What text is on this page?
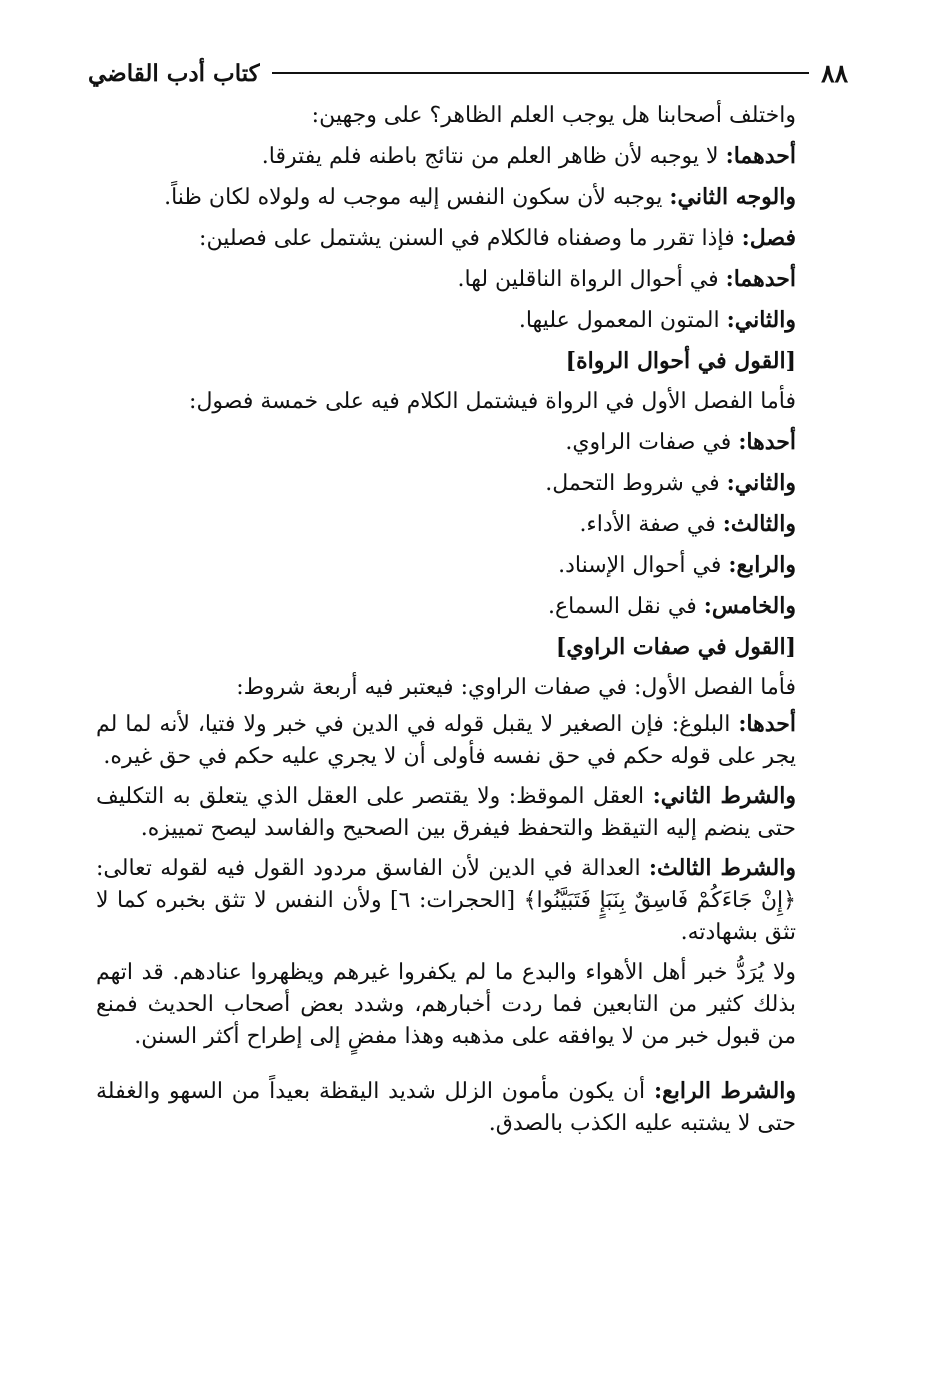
٨٨
كتاب أدب القاضي

واختلف أصحابنا هل يوجب العلم الظاهر؟ على وجهين:

أحدهما: لا يوجبه لأن ظاهر العلم من نتائج باطنه فلم يفترقا.

والوجه الثاني: يوجبه لأن سكون النفس إليه موجب له ولولاه لكان ظناً.

فصل: فإذا تقرر ما وصفناه فالكلام في السنن يشتمل على فصلين:

أحدهما: في أحوال الرواة الناقلين لها.

والثاني: المتون المعمول عليها.

[القول في أحوال الرواة]

فأما الفصل الأول في الرواة فيشتمل الكلام فيه على خمسة فصول:

أحدها: في صفات الراوي.

والثاني: في شروط التحمل.

والثالث: في صفة الأداء.

والرابع: في أحوال الإسناد.

والخامس: في نقل السماع.

[القول في صفات الراوي]

فأما الفصل الأول: في صفات الراوي: فيعتبر فيه أربعة شروط:

أحدها: البلوغ: فإن الصغير لا يقبل قوله في الدين في خبر ولا فتيا، لأنه لما لم يجر على قوله حكم في حق نفسه فأولى أن لا يجري عليه حكم في حق غيره.

والشرط الثاني: العقل الموقظ: ولا يقتصر على العقل الذي يتعلق به التكليف حتى ينضم إليه التيقظ والتحفظ فيفرق بين الصحيح والفاسد ليصح تمييزه.

والشرط الثالث: العدالة في الدين لأن الفاسق مردود القول فيه لقوله تعالى: ﴿إِنْ جَاءَكُمْ فَاسِقٌ بِنَبَإٍ فَتَبَيَّنُوا﴾ [الحجرات: ٦] ولأن النفس لا تثق بخبره كما لا تثق بشهادته.

ولا يُرَدُّ خبر أهل الأهواء والبدع ما لم يكفروا غيرهم ويظهروا عنادهم. قد اتهم بذلك كثير من التابعين فما ردت أخبارهم، وشدد بعض أصحاب الحديث فمنع من قبول خبر من لا يوافقه على مذهبه وهذا مفضٍ إلى إطراح أكثر السنن.

والشرط الرابع: أن يكون مأمون الزلل شديد اليقظة بعيداً من السهو والغفلة حتى لا يشتبه عليه الكذب بالصدق.
